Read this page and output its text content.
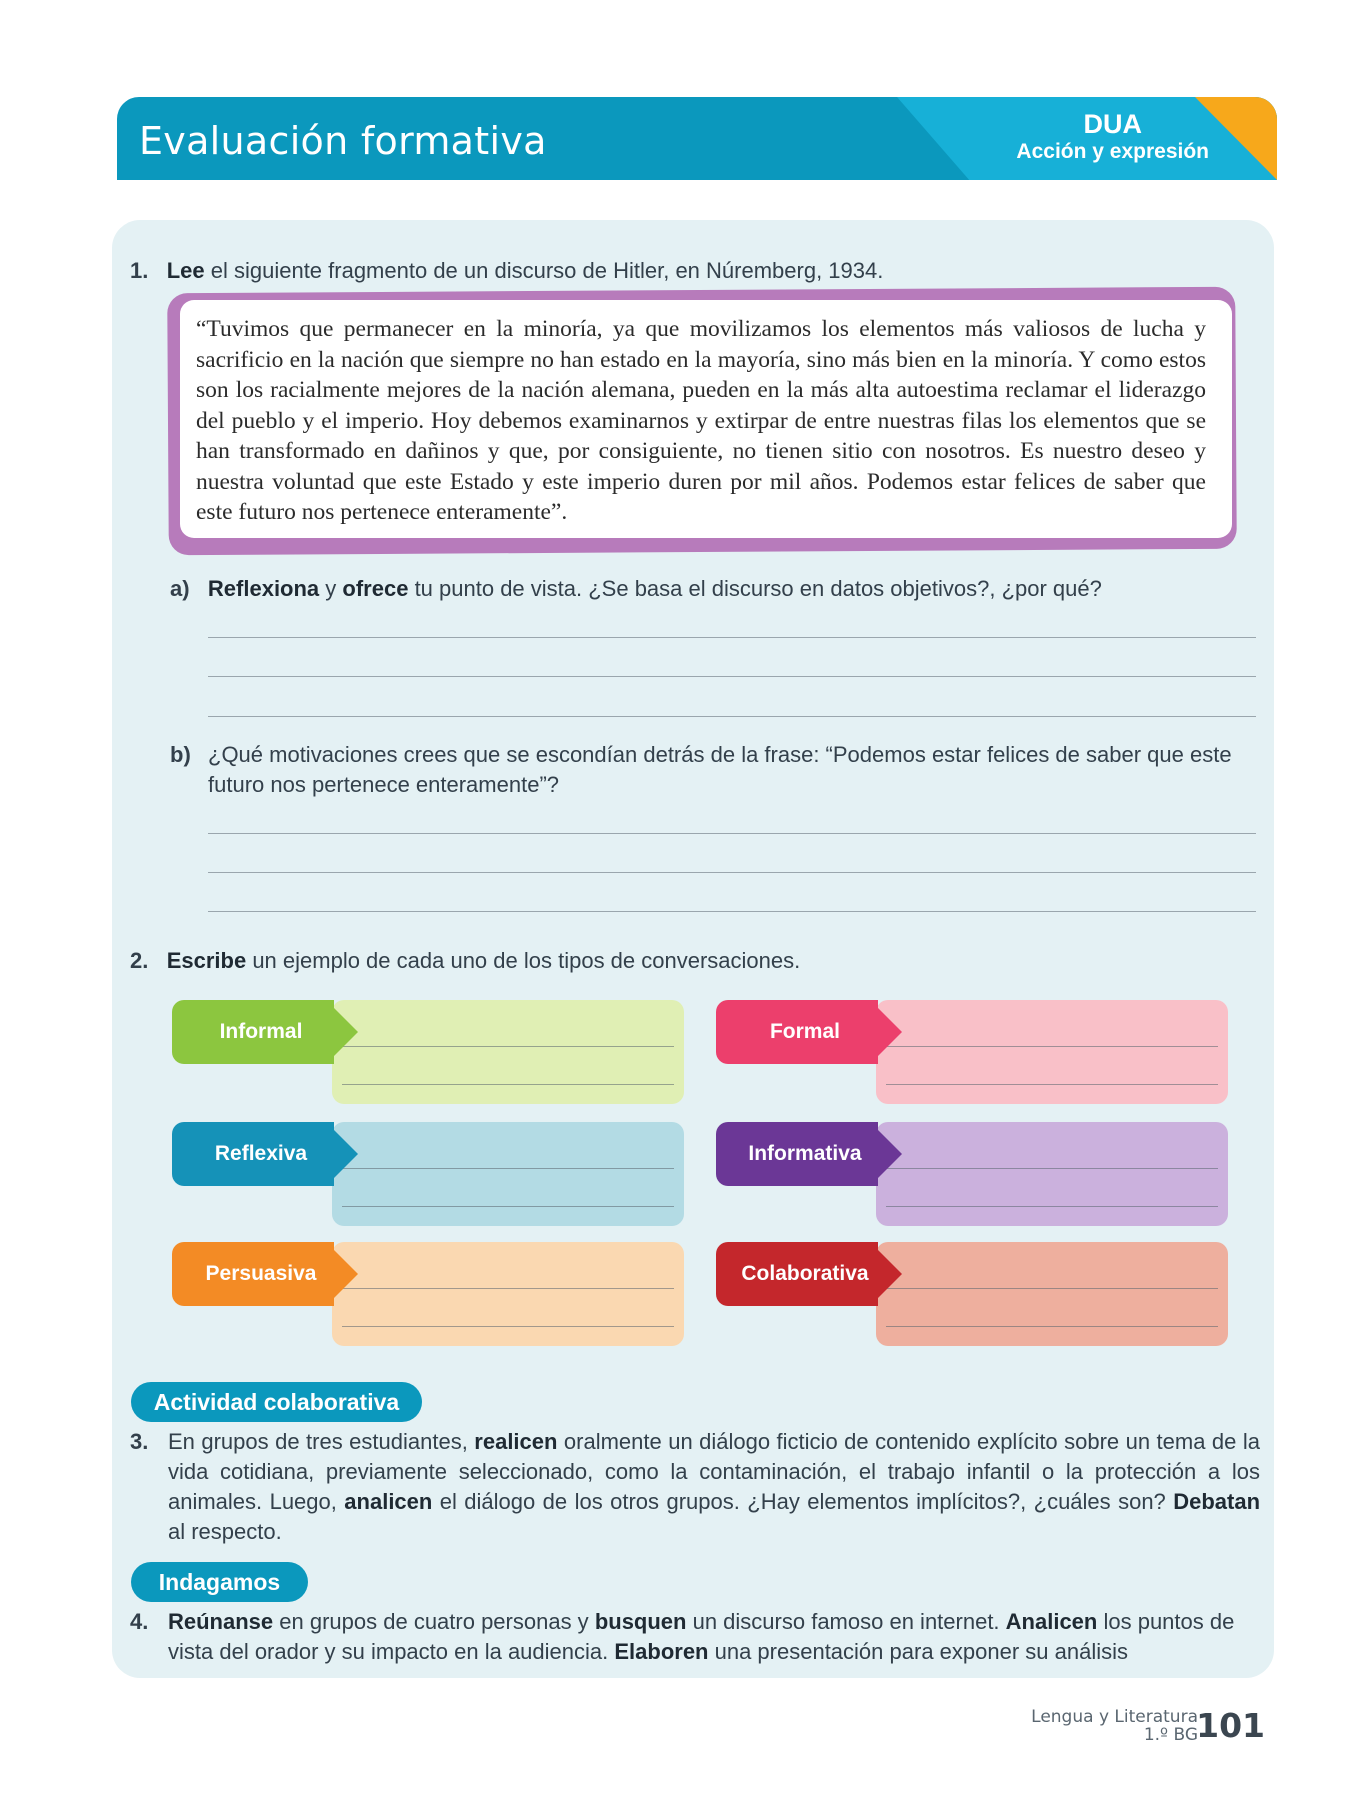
Evaluación formativa	DUA
Acción y expresión
1. Lee el siguiente fragmento de un discurso de Hitler, en Núremberg, 1934.
“Tuvimos que permanecer en la minoría, ya que movilizamos los elementos más valiosos de lucha y sacrificio en la nación que siempre no han estado en la mayoría, sino más bien en la minoría. Y como estos son los racialmente mejores de la nación alemana, pueden en la más alta autoestima reclamar el liderazgo del pueblo y el imperio. Hoy debemos examinarnos y extirpar de entre nuestras filas los elementos que se han transformado en dañinos y que, por consiguiente, no tienen sitio con nosotros. Es nuestro deseo y nuestra voluntad que este Estado y este imperio duren por mil años. Podemos estar felices de saber que este futuro nos pertenece enteramente”.
a) Reflexiona y ofrece tu punto de vista. ¿Se basa el discurso en datos objetivos?, ¿por qué?
b) ¿Qué motivaciones crees que se escondían detrás de la frase: “Podemos estar felices de saber que este futuro nos pertenece enteramente”?
2. Escribe un ejemplo de cada uno de los tipos de conversaciones.
Informal	Formal
Reflexiva	Informativa
Persuasiva	Colaborativa
Actividad colaborativa
3. En grupos de tres estudiantes, realicen oralmente un diálogo ficticio de contenido explícito sobre un tema de la vida cotidiana, previamente seleccionado, como la contaminación, el trabajo infantil o la protección a los animales. Luego, analicen el diálogo de los otros grupos. ¿Hay elementos implícitos?, ¿cuáles son? Debatan al respecto.
Indagamos
4. Reúnanse en grupos de cuatro personas y busquen un discurso famoso en internet. Analicen los puntos de vista del orador y su impacto en la audiencia. Elaboren una presentación para exponer su análisis
Lengua y Literatura
1.º BG
101
